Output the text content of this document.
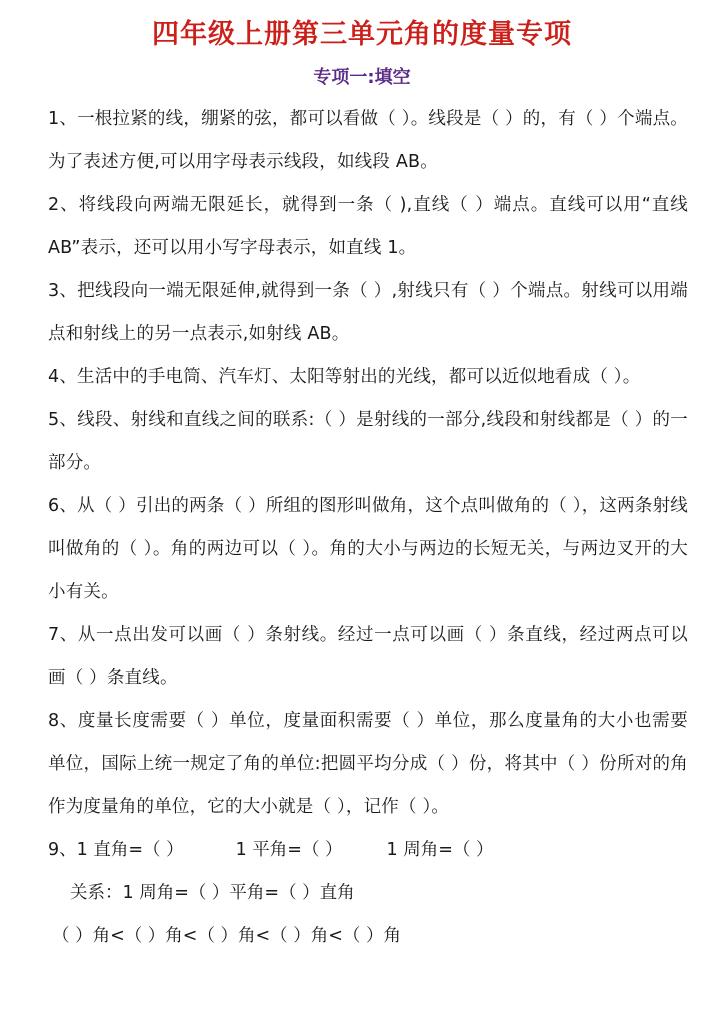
四年级上册第三单元角的度量专项
专项一:填空

1、一根拉紧的线，绷紧的弦，都可以看做（ ）。线段是（ ）的，有（ ）个端点。为了表述方便,可以用字母表示线段，如线段 AB。

2、将线段向两端无限延长，就得到一条（ ),直线（ ）端点。直线可以用“直线 AB”表示，还可以用小写字母表示，如直线 1。

3、把线段向一端无限延伸,就得到一条（ ）,射线只有（ ）个端点。射线可以用端点和射线上的另一点表示,如射线 AB。

4、生活中的手电筒、汽车灯、太阳等射出的光线，都可以近似地看成（ ）。

5、线段、射线和直线之间的联系:（ ）是射线的一部分,线段和射线都是（ ）的一部分。

6、从（ ）引出的两条（ ）所组的图形叫做角，这个点叫做角的（ ），这两条射线叫做角的（ ）。角的两边可以（ ）。角的大小与两边的长短无关，与两边叉开的大小有关。

7、从一点出发可以画（ ）条射线。经过一点可以画（ ）条直线，经过两点可以画（ ）条直线。

8、度量长度需要（ ）单位，度量面积需要（ ）单位，那么度量角的大小也需要单位，国际上统一规定了角的单位:把圆平均分成（ ）份，将其中（ ）份所对的角作为度量角的单位，它的大小就是（ ），记作（ ）。

9、1 直角=（ ）	1 平角=（ ）	1 周角=（ ）

关系：1 周角=（ ）平角=（ ）直角

（ ）角<（ ）角<（ ）角<（ ）角<（ ）角
